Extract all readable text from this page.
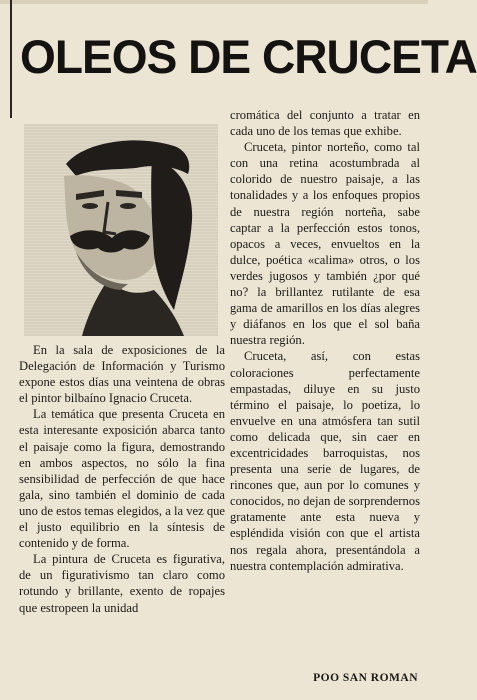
OLEOS DE CRUCETA

En la sala de exposiciones de la Delegación de Información y Turismo expone estos días una veintena de obras el pintor bilbaíno Ignacio Cruceta.

La temática que presenta Cruceta en esta interesante exposición abarca tanto el paisaje como la figura, demostrando en ambos aspectos, no sólo la fina sensibilidad de perfección de que hace gala, sino también el dominio de cada uno de estos temas elegidos, a la vez que el justo equilibrio en la síntesis de contenido y de forma.

La pintura de Cruceta es figurativa, de un figurativismo tan claro como rotundo y brillante, exento de ropajes que estropeen la unidad

cromática del conjunto a tratar en cada uno de los temas que exhibe.

Cruceta, pintor norteño, como tal con una retina acostumbrada al colorido de nuestro paisaje, a las tonalidades y a los enfoques propios de nuestra región norteña, sabe captar a la perfección estos tonos, opacos a veces, envueltos en la dulce, poética «calima» otros, o los verdes jugosos y también ¿por qué no? la brillantez rutilante de esa gama de amarillos en los días alegres y diáfanos en los que el sol baña nuestra región.

Cruceta, así, con estas coloraciones perfectamente empastadas, diluye en su justo término el paisaje, lo poetiza, lo envuelve en una atmósfera tan sutil como delicada que, sin caer en excentricidades barroquistas, nos presenta una serie de lugares, de rincones que, aun por lo comunes y conocidos, no dejan de sorprendernos gratamente ante esta nueva y espléndida visión con que el artista nos regala ahora, presentándola a nuestra contemplación admirativa.

POO SAN ROMAN
